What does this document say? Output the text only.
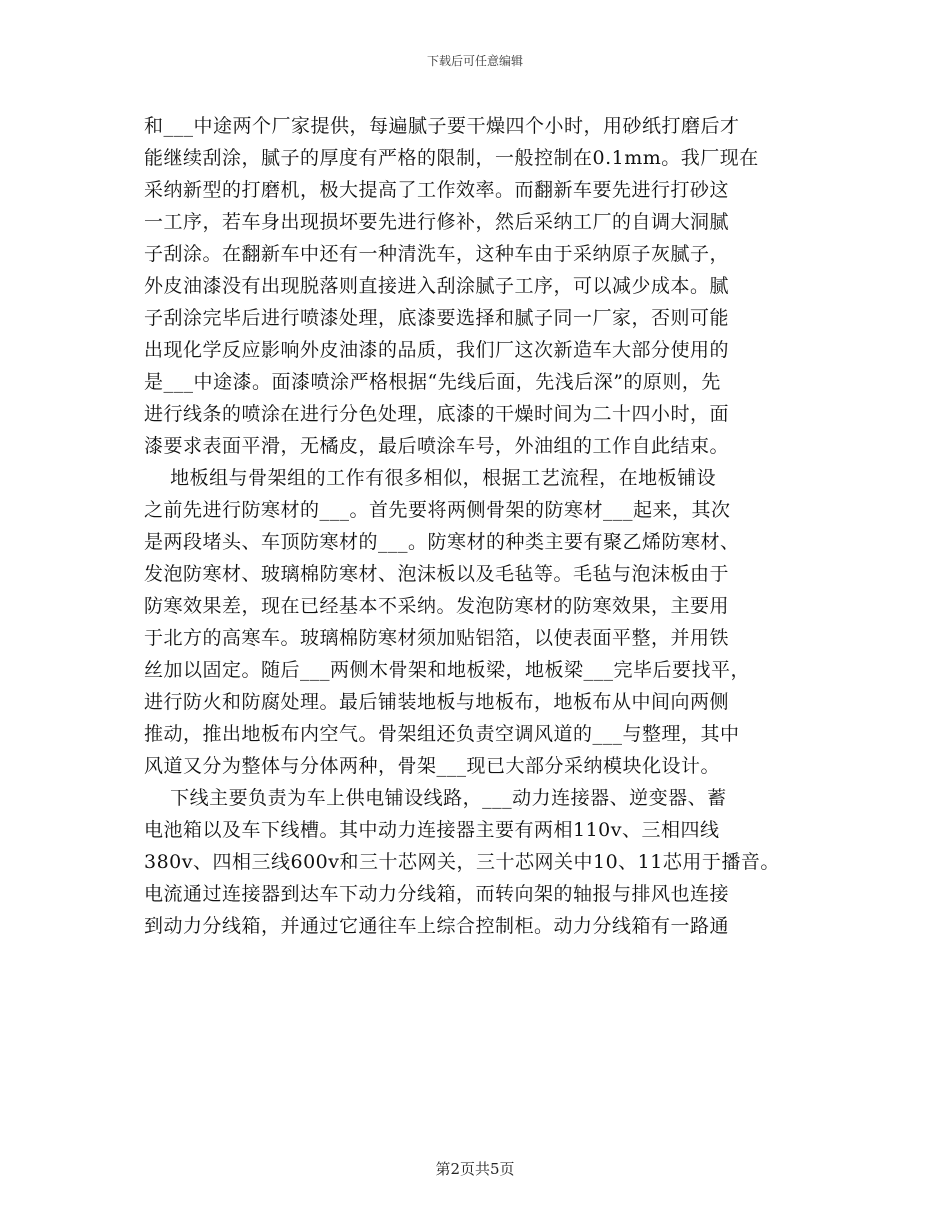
下载后可任意编辑
和___中途两个厂家提供，每遍腻子要干燥四个小时，用砂纸打磨后才
能继续刮涂，腻子的厚度有严格的限制，一般控制在0.1mm。我厂现在
采纳新型的打磨机，极大提高了工作效率。而翻新车要先进行打砂这
一工序，若车身出现损坏要先进行修补，然后采纳工厂的自调大洞腻
子刮涂。在翻新车中还有一种清洗车，这种车由于采纳原子灰腻子，
外皮油漆没有出现脱落则直接进入刮涂腻子工序，可以减少成本。腻
子刮涂完毕后进行喷漆处理，底漆要选择和腻子同一厂家，否则可能
出现化学反应影响外皮油漆的品质，我们厂这次新造车大部分使用的
是___中途漆。面漆喷涂严格根据“先线后面，先浅后深”的原则，先
进行线条的喷涂在进行分色处理，底漆的干燥时间为二十四小时，面
漆要求表面平滑，无橘皮，最后喷涂车号，外油组的工作自此结束。
地板组与骨架组的工作有很多相似，根据工艺流程，在地板铺设
之前先进行防寒材的___。首先要将两侧骨架的防寒材___起来，其次
是两段堵头、车顶防寒材的___。防寒材的种类主要有聚乙烯防寒材、
发泡防寒材、玻璃棉防寒材、泡沫板以及毛毡等。毛毡与泡沫板由于
防寒效果差，现在已经基本不采纳。发泡防寒材的防寒效果，主要用
于北方的高寒车。玻璃棉防寒材须加贴铝箔，以使表面平整，并用铁
丝加以固定。随后___两侧木骨架和地板梁，地板梁___完毕后要找平，
进行防火和防腐处理。最后铺装地板与地板布，地板布从中间向两侧
推动，推出地板布内空气。骨架组还负责空调风道的___与整理，其中
风道又分为整体与分体两种，骨架___现已大部分采纳模块化设计。
下线主要负责为车上供电铺设线路，___动力连接器、逆变器、蓄
电池箱以及车下线槽。其中动力连接器主要有两相110v、三相四线
380v、四相三线600v和三十芯网关，三十芯网关中10、11芯用于播音。
电流通过连接器到达车下动力分线箱，而转向架的轴报与排风也连接
到动力分线箱，并通过它通往车上综合控制柜。动力分线箱有一路通
第2页共5页
